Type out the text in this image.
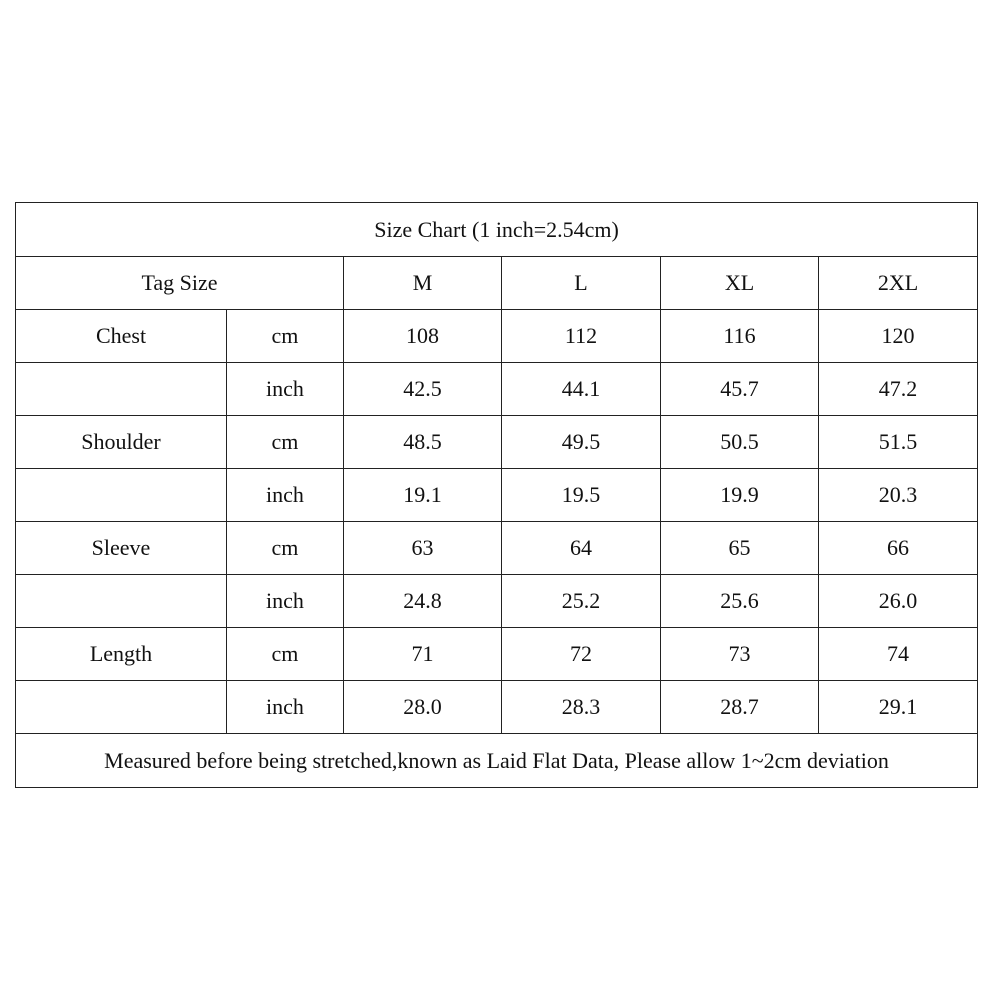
Size Chart (1 inch=2.54cm)					
Tag Size		M	L	XL	2XL
Chest	cm	108	112	116	120
	inch	42.5	44.1	45.7	47.2
Shoulder	cm	48.5	49.5	50.5	51.5
	inch	19.1	19.5	19.9	20.3
Sleeve	cm	63	64	65	66
	inch	24.8	25.2	25.6	26.0
Length	cm	71	72	73	74
	inch	28.0	28.3	28.7	29.1
Measured before being stretched,known as Laid Flat Data, Please allow 1~2cm deviation					
